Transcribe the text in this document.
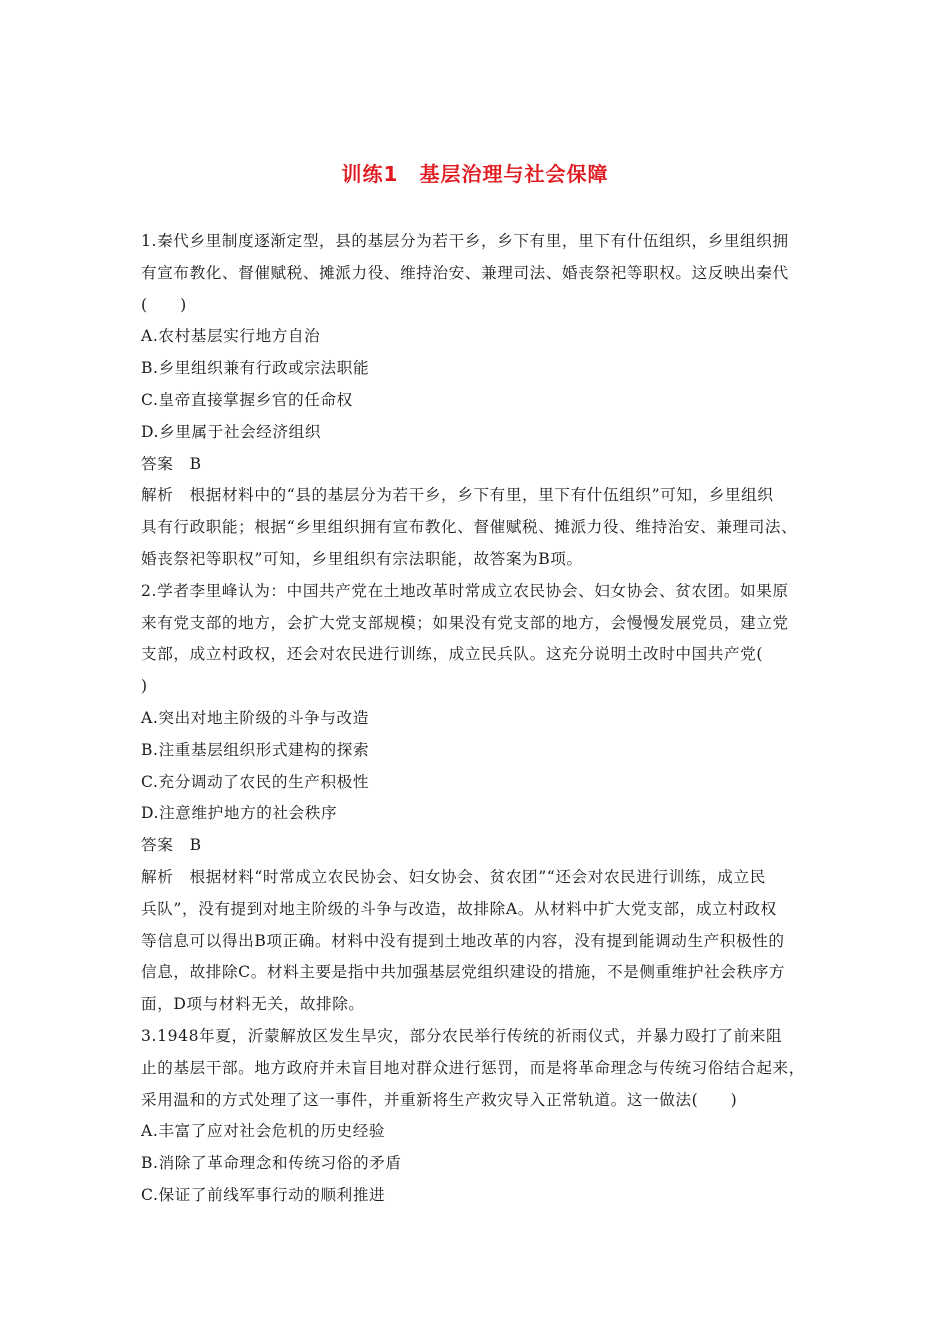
训练1　基层治理与社会保障
1.秦代乡里制度逐渐定型，县的基层分为若干乡，乡下有里，里下有什伍组织，乡里组织拥
有宣布教化、督催赋税、摊派力役、维持治安、兼理司法、婚丧祭祀等职权。这反映出秦代
(　　)
A.农村基层实行地方自治
B.乡里组织兼有行政或宗法职能
C.皇帝直接掌握乡官的任命权
D.乡里属于社会经济组织
答案　B
解析　根据材料中的“县的基层分为若干乡，乡下有里，里下有什伍组织”可知，乡里组织
具有行政职能；根据“乡里组织拥有宣布教化、督催赋税、摊派力役、维持治安、兼理司法、
婚丧祭祀等职权”可知，乡里组织有宗法职能，故答案为B项。
2.学者李里峰认为：中国共产党在土地改革时常成立农民协会、妇女协会、贫农团。如果原
来有党支部的地方，会扩大党支部规模；如果没有党支部的地方，会慢慢发展党员，建立党
支部，成立村政权，还会对农民进行训练，成立民兵队。这充分说明土改时中国共产党(
)
A.突出对地主阶级的斗争与改造
B.注重基层组织形式建构的探索
C.充分调动了农民的生产积极性
D.注意维护地方的社会秩序
答案　B
解析　根据材料“时常成立农民协会、妇女协会、贫农团”“还会对农民进行训练，成立民
兵队”，没有提到对地主阶级的斗争与改造，故排除A。从材料中扩大党支部，成立村政权
等信息可以得出B项正确。材料中没有提到土地改革的内容，没有提到能调动生产积极性的
信息，故排除C。材料主要是指中共加强基层党组织建设的措施，不是侧重维护社会秩序方
面，D项与材料无关，故排除。
3.1948年夏，沂蒙解放区发生旱灾，部分农民举行传统的祈雨仪式，并暴力殴打了前来阻
止的基层干部。地方政府并未盲目地对群众进行惩罚，而是将革命理念与传统习俗结合起来，
采用温和的方式处理了这一事件，并重新将生产救灾导入正常轨道。这一做法(　　)
A.丰富了应对社会危机的历史经验
B.消除了革命理念和传统习俗的矛盾
C.保证了前线军事行动的顺利推进
